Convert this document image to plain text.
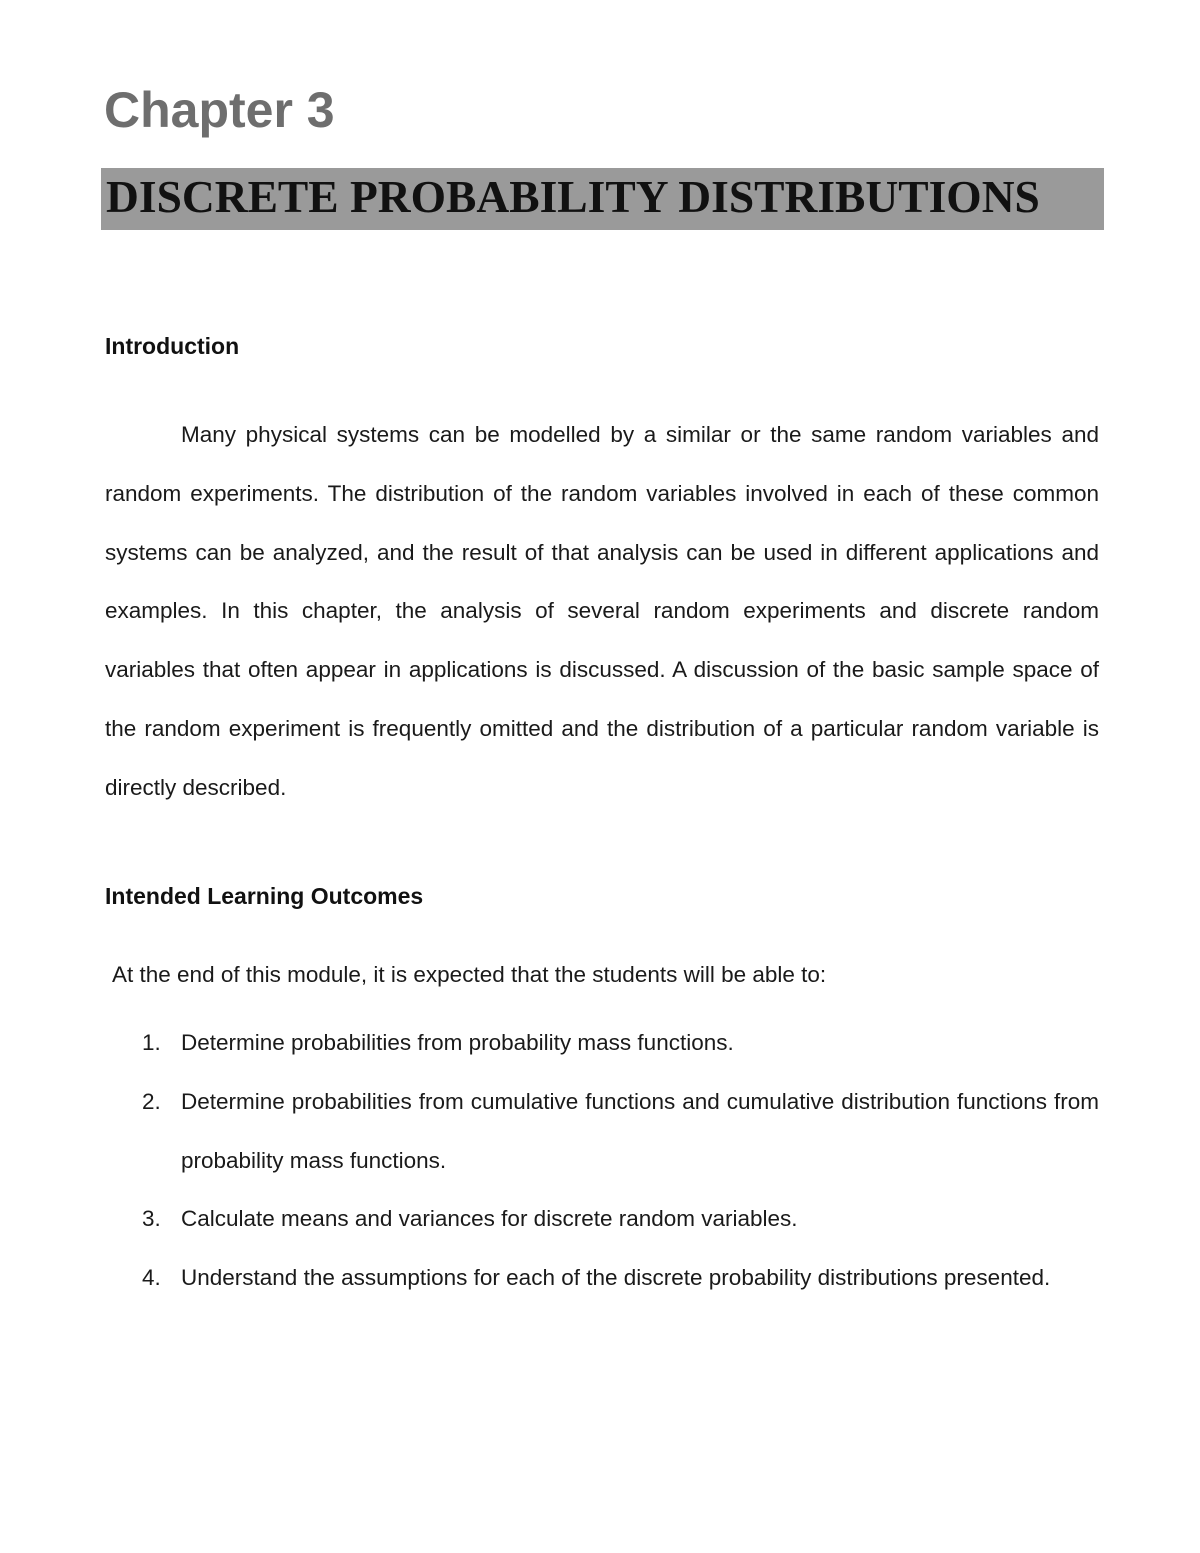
Chapter 3
DISCRETE PROBABILITY DISTRIBUTIONS
Introduction

Many physical systems can be modelled by a similar or the same random variables and random experiments. The distribution of the random variables involved in each of these common systems can be analyzed, and the result of that analysis can be used in different applications and examples. In this chapter, the analysis of several random experiments and discrete random variables that often appear in applications is discussed. A discussion of the basic sample space of the random experiment is frequently omitted and the distribution of a particular random variable is directly described.

Intended Learning Outcomes

At the end of this module, it is expected that the students will be able to:

1. Determine probabilities from probability mass functions.
2. Determine probabilities from cumulative functions and cumulative distribution functions from probability mass functions.
3. Calculate means and variances for discrete random variables.
4. Understand the assumptions for each of the discrete probability distributions presented.
